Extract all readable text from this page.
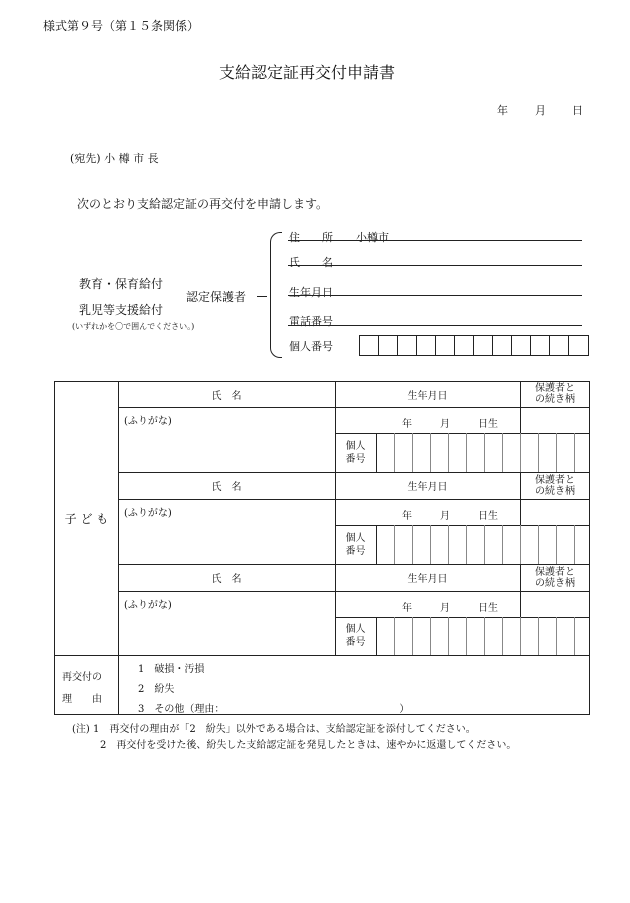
様式第９号（第１５条関係）
支給認定証再交付申請書
年 月 日
(宛先) 小 樽 市 長
次のとおり支給認定証の再交付を申請します。
教育・保育給付
乳児等支援給付
(いずれかを〇で囲んでください。)
認定保護者
住　　所 小樽市
氏　　名
生年月日
電話番号
個人番号
子 ど も
氏　名	生年月日
保護者と
の続き柄
(ふりがな)	年	月	日生
個人
番号
氏　名	生年月日
保護者と
の続き柄
(ふりがな)	年	月	日生
個人
番号
氏　名	生年月日
保護者と
の続き柄
(ふりがな)	年	月	日生
個人
番号
再交付の
理　　由
1　破損・汚損
2　紛失
3　その他（理由：　　　　　　　　　　　　　　　　　　）
(注) 1　再交付の理由が「2　紛失」以外である場合は、支給認定証を添付してください。
2　再交付を受けた後、紛失した支給認定証を発見したときは、速やかに返還してください。
